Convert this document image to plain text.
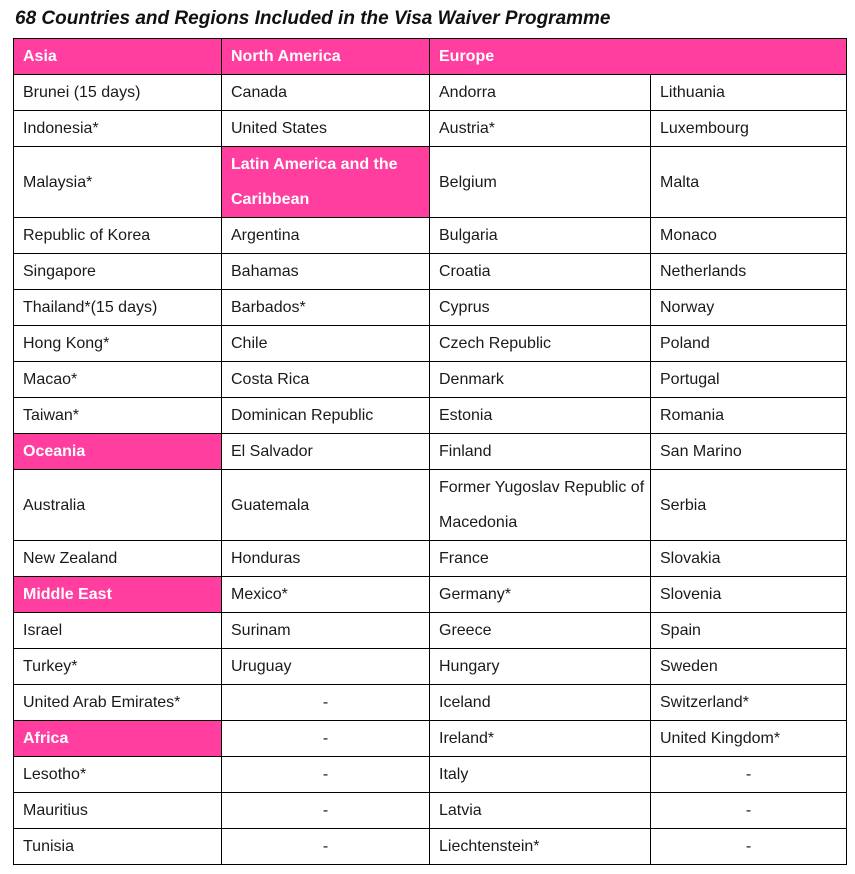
68 Countries and Regions Included in the Visa Waiver Programme
Asia	North America	Europe	
Brunei (15 days)	Canada	Andorra	Lithuania
Indonesia*	United States	Austria*	Luxembourg
Malaysia*	Latin America and the Caribbean	Belgium	Malta
Republic of Korea	Argentina	Bulgaria	Monaco
Singapore	Bahamas	Croatia	Netherlands
Thailand*(15 days)	Barbados*	Cyprus	Norway
Hong Kong*	Chile	Czech Republic	Poland
Macao*	Costa Rica	Denmark	Portugal
Taiwan*	Dominican Republic	Estonia	Romania
Oceania	El Salvador	Finland	San Marino
Australia	Guatemala	Former Yugoslav Republic of Macedonia	Serbia
New Zealand	Honduras	France	Slovakia
Middle East	Mexico*	Germany*	Slovenia
Israel	Surinam	Greece	Spain
Turkey*	Uruguay	Hungary	Sweden
United Arab Emirates*	-	Iceland	Switzerland*
Africa	-	Ireland*	United Kingdom*
Lesotho*	-	Italy	-
Mauritius	-	Latvia	-
Tunisia	-	Liechtenstein*	-
